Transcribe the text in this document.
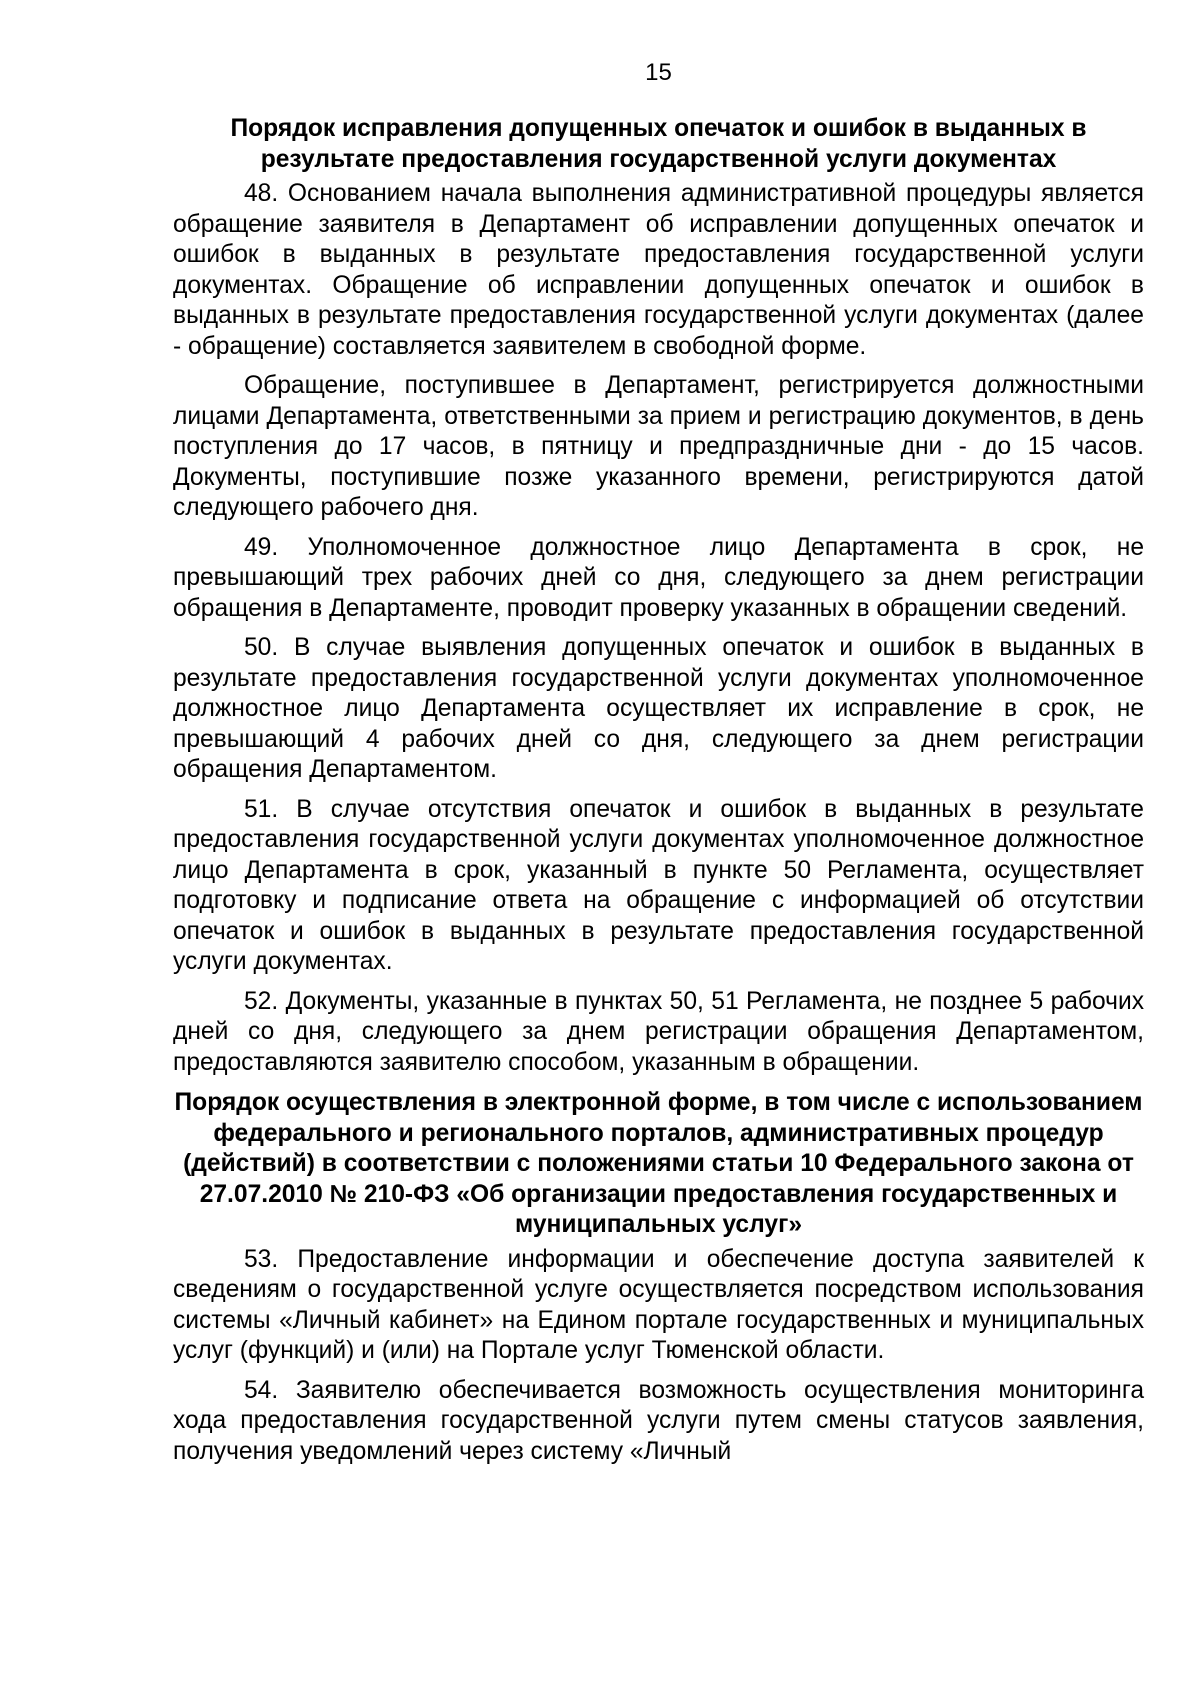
15
Порядок исправления допущенных опечаток и ошибок в выданных в результате предоставления государственной услуги документах

48. Основанием начала выполнения административной процедуры является обращение заявителя в Департамент об исправлении допущенных опечаток и ошибок в выданных в результате предоставления государственной услуги документах. Обращение об исправлении допущенных опечаток и ошибок в выданных в результате предоставления государственной услуги документах (далее - обращение) составляется заявителем в свободной форме.

Обращение, поступившее в Департамент, регистрируется должностными лицами Департамента, ответственными за прием и регистрацию документов, в день поступления до 17 часов, в пятницу и предпраздничные дни - до 15 часов. Документы, поступившие позже указанного времени, регистрируются датой следующего рабочего дня.

49. Уполномоченное должностное лицо Департамента в срок, не превышающий трех рабочих дней со дня, следующего за днем регистрации обращения в Департаменте, проводит проверку указанных в обращении сведений.

50. В случае выявления допущенных опечаток и ошибок в выданных в результате предоставления государственной услуги документах уполномоченное должностное лицо Департамента осуществляет их исправление в срок, не превышающий 4 рабочих дней со дня, следующего за днем регистрации обращения Департаментом.

51. В случае отсутствия опечаток и ошибок в выданных в результате предоставления государственной услуги документах уполномоченное должностное лицо Департамента в срок, указанный в пункте 50 Регламента, осуществляет подготовку и подписание ответа на обращение с информацией об отсутствии опечаток и ошибок в выданных в результате предоставления государственной услуги документах.

52. Документы, указанные в пунктах 50, 51 Регламента, не позднее 5 рабочих дней со дня, следующего за днем регистрации обращения Департаментом, предоставляются заявителю способом, указанным в обращении.

Порядок осуществления в электронной форме, в том числе с использованием федерального и регионального порталов, административных процедур (действий) в соответствии с положениями статьи 10 Федерального закона от 27.07.2010 № 210-ФЗ «Об организации предоставления государственных и муниципальных услуг»

53. Предоставление информации и обеспечение доступа заявителей к сведениям о государственной услуге осуществляется посредством использования системы «Личный кабинет» на Едином портале государственных и муниципальных услуг (функций) и (или) на Портале услуг Тюменской области.

54. Заявителю обеспечивается возможность осуществления мониторинга хода предоставления государственной услуги путем смены статусов заявления, получения уведомлений через систему «Личный
